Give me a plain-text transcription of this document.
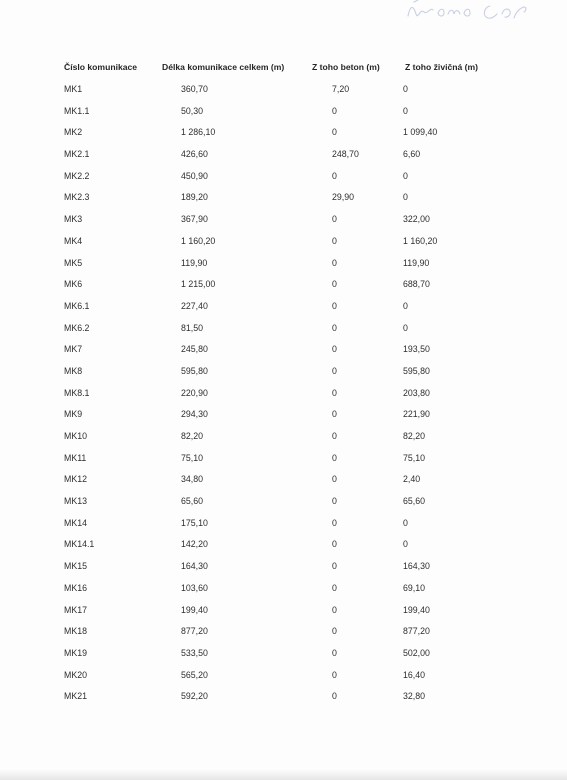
Číslo komunikace	Délka komunikace celkem (m)	Z toho beton (m)	Z toho živičná (m)
MK1	360,70	7,20	0
MK1.1	50,30	0	0
MK2	1 286,10	0	1 099,40
MK2.1	426,60	248,70	6,60
MK2.2	450,90	0	0
MK2.3	189,20	29,90	0
MK3	367,90	0	322,00
MK4	1 160,20	0	1 160,20
MK5	119,90	0	119,90
MK6	1 215,00	0	688,70
MK6.1	227,40	0	0
MK6.2	81,50	0	0
MK7	245,80	0	193,50
MK8	595,80	0	595,80
MK8.1	220,90	0	203,80
MK9	294,30	0	221,90
MK10	82,20	0	82,20
MK11	75,10	0	75,10
MK12	34,80	0	2,40
MK13	65,60	0	65,60
MK14	175,10	0	0
MK14.1	142,20	0	0
MK15	164,30	0	164,30
MK16	103,60	0	69,10
MK17	199,40	0	199,40
MK18	877,20	0	877,20
MK19	533,50	0	502,00
MK20	565,20	0	16,40
MK21	592,20	0	32,80
